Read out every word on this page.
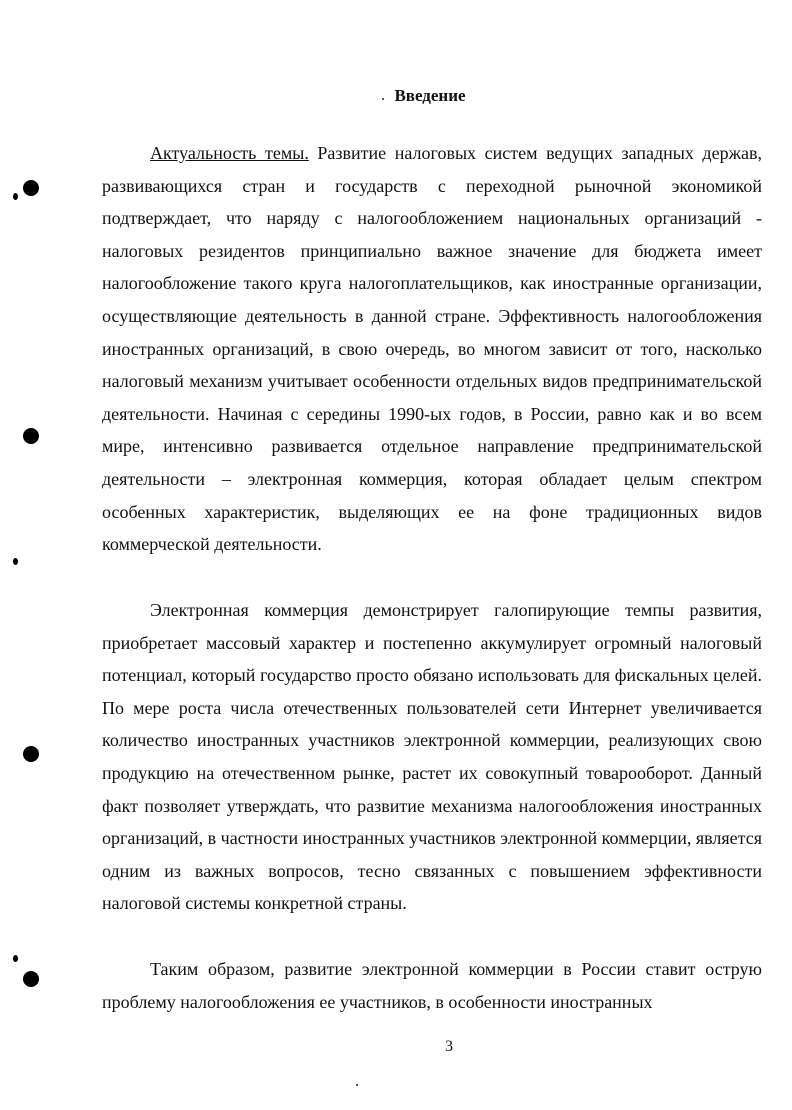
Введение

Актуальность темы. Развитие налоговых систем ведущих западных держав, развивающихся стран и государств с переходной рыночной экономикой подтверждает, что наряду с налогообложением национальных организаций - налоговых резидентов принципиально важное значение для бюджета имеет налогообложение такого круга налогоплательщиков, как иностранные организации, осуществляющие деятельность в данной стране. Эффективность налогообложения иностранных организаций, в свою очередь, во многом зависит от того, насколько налоговый механизм учитывает особенности отдельных видов предпринимательской деятельности. Начиная с середины 1990-ых годов, в России, равно как и во всем мире, интенсивно развивается отдельное направление предпринимательской деятельности – электронная коммерция, которая обладает целым спектром особенных характеристик, выделяющих ее на фоне традиционных видов коммерческой деятельности.

Электронная коммерция демонстрирует галопирующие темпы развития, приобретает массовый характер и постепенно аккумулирует огромный налоговый потенциал, который государство просто обязано использовать для фискальных целей. По мере роста числа отечественных пользователей сети Интернет увеличивается количество иностранных участников электронной коммерции, реализующих свою продукцию на отечественном рынке, растет их совокупный товарооборот. Данный факт позволяет утверждать, что развитие механизма налогообложения иностранных организаций, в частности иностранных участников электронной коммерции, является одним из важных вопросов, тесно связанных с повышением эффективности налоговой системы конкретной страны.

Таким образом, развитие электронной коммерции в России ставит острую проблему налогообложения ее участников, в особенности иностранных

3
